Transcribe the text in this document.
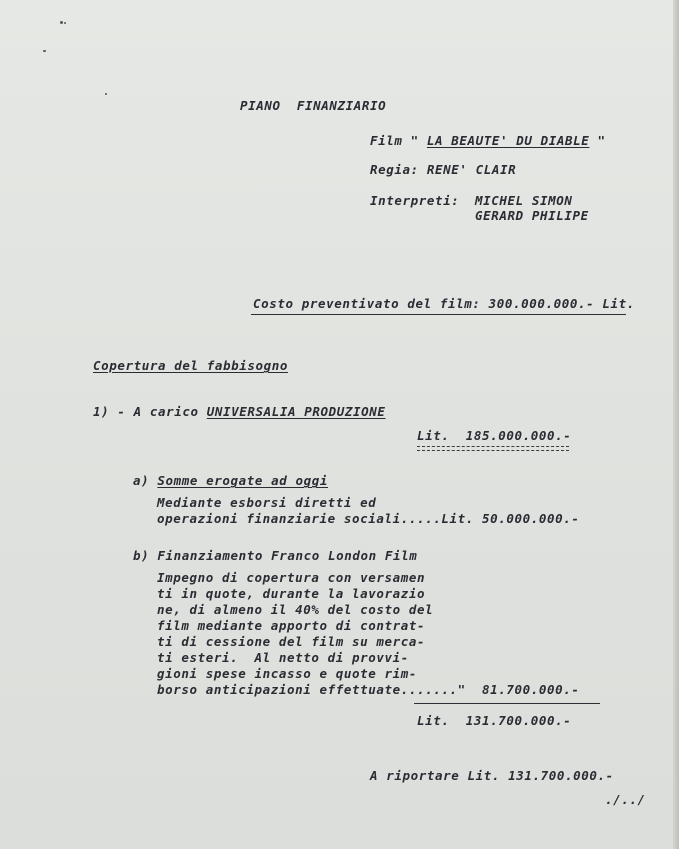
PIANO  FINANZIARIO
Film " LA BEAUTE' DU DIABLE "
Regia: RENE' CLAIR
Interpreti: MICHEL SIMON
GERARD PHILIPE
Costo preventivato del film: 300.000.000.- Lit.
Copertura del fabbisogno
1) - A carico UNIVERSALIA PRODUZIONE
Lit.  185.000.000.-
a) Somme erogate ad oggi
Mediante esborsi diretti ed
operazioni finanziarie sociali.....Lit. 50.000.000.-
b) Finanziamento Franco London Film
Impegno di copertura con versamen
ti in quote, durante la lavorazio
ne, di almeno il 40% del costo del
film mediante apporto di contrat-
ti di cessione del film su merca-
ti esteri.  Al netto di provvi-
gioni spese incasso e quote rim-
borso anticipazioni effettuate......."  81.700.000.-
Lit.  131.700.000.-
A riportare Lit. 131.700.000.-
./../
